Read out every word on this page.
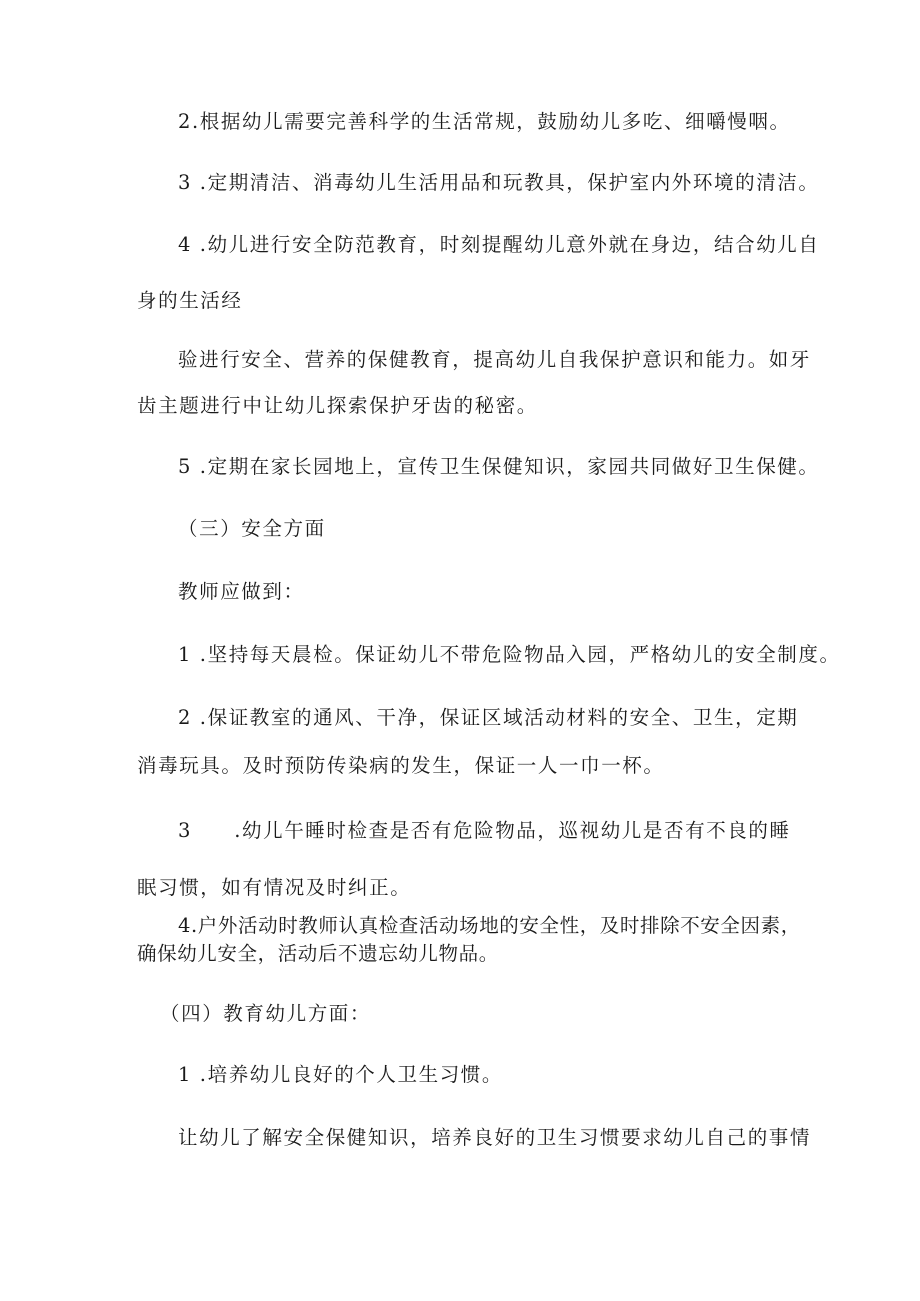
2.根据幼儿需要完善科学的生活常规，鼓励幼儿多吃、细嚼慢咽。
3 .定期清洁、消毒幼儿生活用品和玩教具，保护室内外环境的清洁。
4 .幼儿进行安全防范教育，时刻提醒幼儿意外就在身边，结合幼儿自
身的生活经
验进行安全、营养的保健教育，提高幼儿自我保护意识和能力。如牙
齿主题进行中让幼儿探索保护牙齿的秘密。
5 .定期在家长园地上，宣传卫生保健知识，家园共同做好卫生保健。
（三）安全方面
教师应做到：
1 .坚持每天晨检。保证幼儿不带危险物品入园，严格幼儿的安全制度。
2 .保证教室的通风、干净，保证区域活动材料的安全、卫生，定期
消毒玩具。及时预防传染病的发生，保证一人一巾一杯。
3　　.幼儿午睡时检查是否有危险物品，巡视幼儿是否有不良的睡
眠习惯，如有情况及时纠正。
4.户外活动时教师认真检查活动场地的安全性，及时排除不安全因素，
确保幼儿安全，活动后不遗忘幼儿物品。
（四）教育幼儿方面：
1 .培养幼儿良好的个人卫生习惯。
让幼儿了解安全保健知识，培养良好的卫生习惯要求幼儿自己的事情
